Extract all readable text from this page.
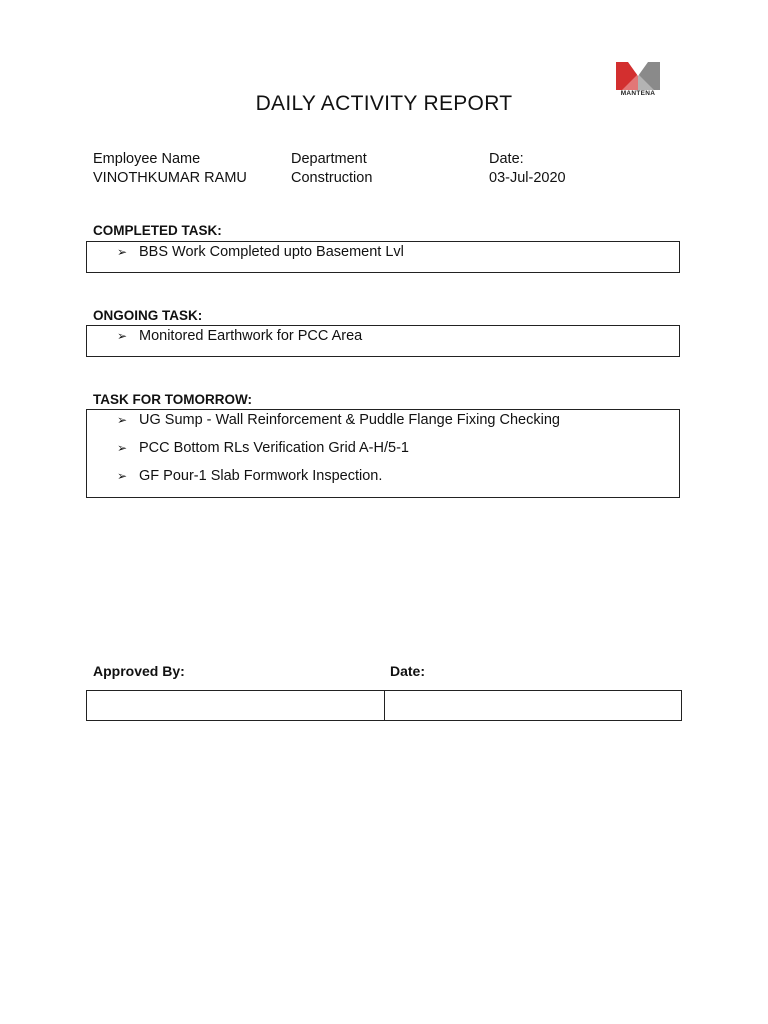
MANTENA
DAILY ACTIVITY REPORT
Employee Name
VINOTHKUMAR RAMU
Department
Construction
Date:
03-Jul-2020
COMPLETED TASK:
➢ BBS Work Completed upto Basement Lvl
ONGOING TASK:
➢ Monitored Earthwork for PCC Area
TASK FOR TOMORROW:
➢ UG Sump - Wall Reinforcement & Puddle Flange Fixing Checking
➢ PCC Bottom RLs Verification Grid A-H/5-1
➢ GF Pour-1 Slab Formwork Inspection.
Approved By:	Date:
